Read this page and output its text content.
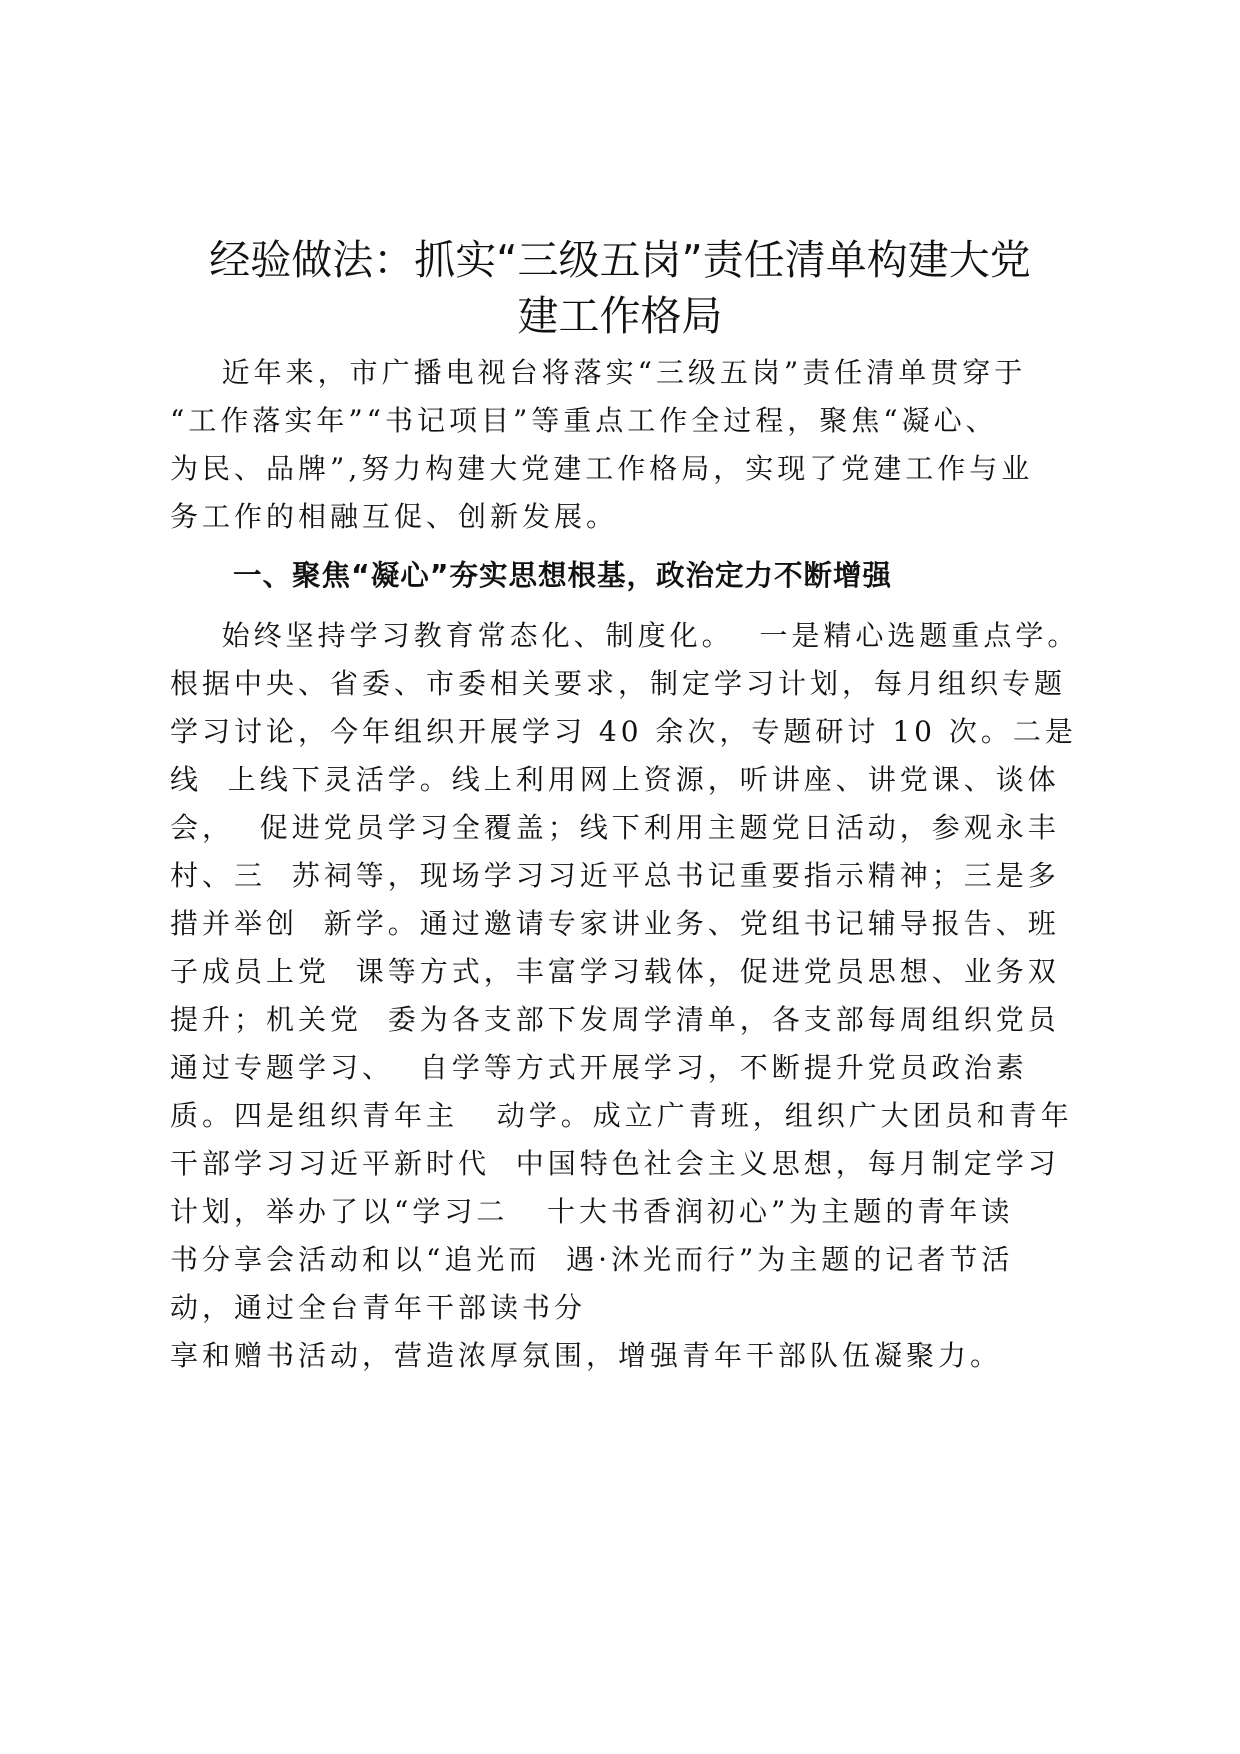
经验做法：抓实“三级五岗”责任清单构建大党
建工作格局
近年来，市广播电视台将落实“三级五岗”责任清单贯穿于
“工作落实年”“书记项目”等重点工作全过程，聚焦“凝心、
为民、品牌”,努力构建大党建工作格局，实现了党建工作与业
务工作的相融互促、创新发展。
一、聚焦“凝心”夯实思想根基，政治定力不断增强
始终坚持学习教育常态化、制度化。  一是精心选题重点学。
根据中央、省委、市委相关要求，制定学习计划，每月组织专题
学习讨论，今年组织开展学习 40 余次，专题研讨 10 次。二是
线  上线下灵活学。线上利用网上资源，听讲座、讲党课、谈体
会，  促进党员学习全覆盖；线下利用主题党日活动，参观永丰
村、三  苏祠等，现场学习习近平总书记重要指示精神；三是多
措并举创  新学。通过邀请专家讲业务、党组书记辅导报告、班
子成员上党  课等方式，丰富学习载体，促进党员思想、业务双
提升；机关党  委为各支部下发周学清单，各支部每周组织党员
通过专题学习、  自学等方式开展学习，不断提升党员政治素
质。四是组织青年主   动学。成立广青班，组织广大团员和青年
干部学习习近平新时代  中国特色社会主义思想，每月制定学习
计划，举办了以“学习二   十大书香润初心”为主题的青年读
书分享会活动和以“追光而  遇·沐光而行”为主题的记者节活
动，通过全台青年干部读书分
享和赠书活动，营造浓厚氛围，增强青年干部队伍凝聚力。
